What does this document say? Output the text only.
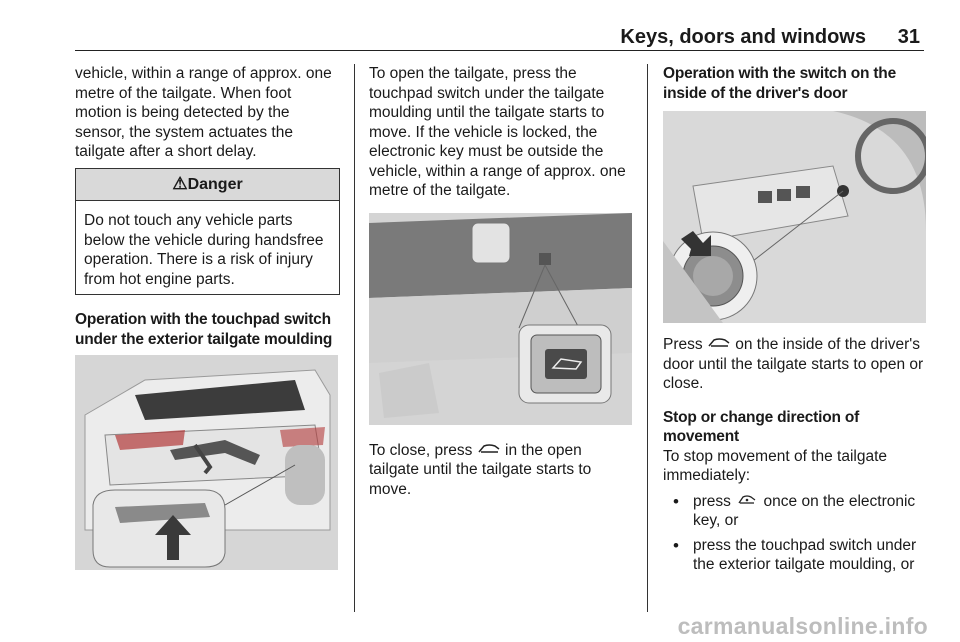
Keys, doors and windows 31

vehicle, within a range of approx. one metre of the tailgate. When foot motion is being detected by the sensor, the system actuates the tailgate after a short delay.

⚠Danger
Do not touch any vehicle parts below the vehicle during handsfree operation. There is a risk of injury from hot engine parts.
Operation with the touchpad switch under the exterior tailgate moulding

To open the tailgate, press the touchpad switch under the tailgate moulding until the tailgate starts to move. If the vehicle is locked, the electronic key must be outside the vehicle, within a range of approx. one metre of the tailgate.

To close, press in the open tailgate until the tailgate starts to move.

Operation with the switch on the inside of the driver's door

Press on the inside of the driver's door until the tailgate starts to open or close.

Stop or change direction of movement

To stop movement of the tailgate immediately:

• press once on the electronic key, or
• press the touchpad switch under the exterior tailgate moulding, or
carmanualsonline.info
